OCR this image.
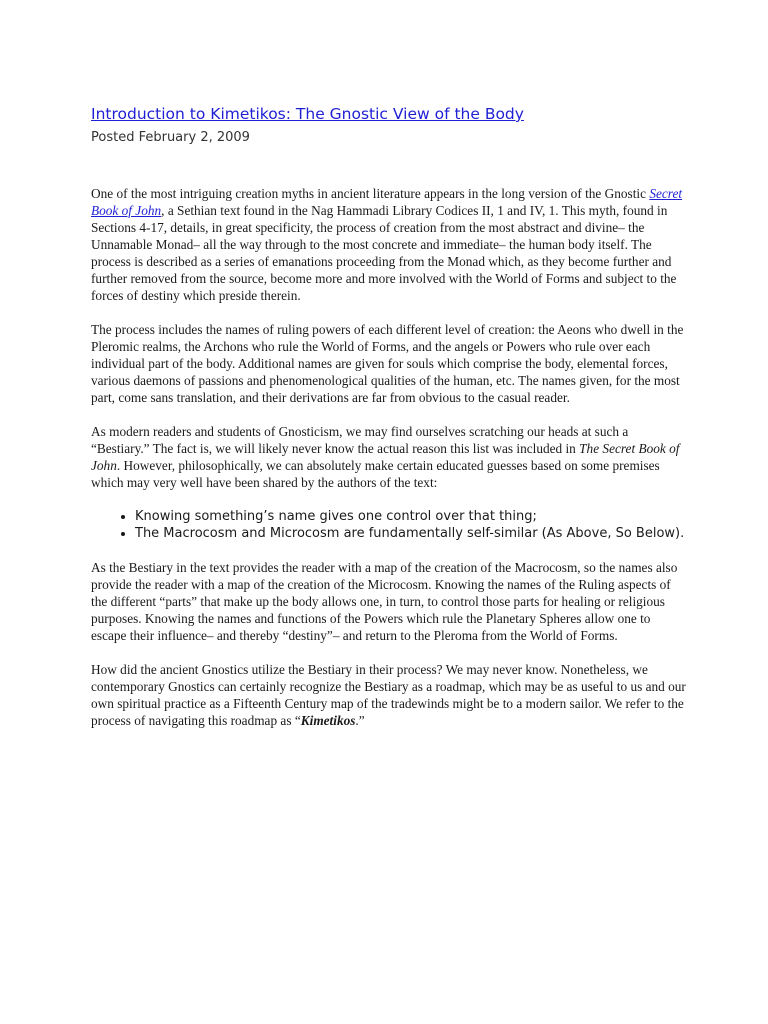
Introduction to Kimetikos: The Gnostic View of the Body
Posted February 2, 2009

One of the most intriguing creation myths in ancient literature appears in the long version of the Gnostic Secret Book of John, a Sethian text found in the Nag Hammadi Library Codices II, 1 and IV, 1. This myth, found in Sections 4-17, details, in great specificity, the process of creation from the most abstract and divine– the Unnamable Monad– all the way through to the most concrete and immediate– the human body itself. The process is described as a series of emanations proceeding from the Monad which, as they become further and further removed from the source, become more and more involved with the World of Forms and subject to the forces of destiny which preside therein.

The process includes the names of ruling powers of each different level of creation: the Aeons who dwell in the Pleromic realms, the Archons who rule the World of Forms, and the angels or Powers who rule over each individual part of the body. Additional names are given for souls which comprise the body, elemental forces, various daemons of passions and phenomenological qualities of the human, etc. The names given, for the most part, come sans translation, and their derivations are far from obvious to the casual reader.

As modern readers and students of Gnosticism, we may find ourselves scratching our heads at such a “Bestiary.” The fact is, we will likely never know the actual reason this list was included in The Secret Book of John. However, philosophically, we can absolutely make certain educated guesses based on some premises which may very well have been shared by the authors of the text:

• Knowing something’s name gives one control over that thing;
• The Macrocosm and Microcosm are fundamentally self-similar (As Above, So Below).

As the Bestiary in the text provides the reader with a map of the creation of the Macrocosm, so the names also provide the reader with a map of the creation of the Microcosm. Knowing the names of the Ruling aspects of the different “parts” that make up the body allows one, in turn, to control those parts for healing or religious purposes. Knowing the names and functions of the Powers which rule the Planetary Spheres allow one to escape their influence– and thereby “destiny”– and return to the Pleroma from the World of Forms.

How did the ancient Gnostics utilize the Bestiary in their process? We may never know. Nonetheless, we contemporary Gnostics can certainly recognize the Bestiary as a roadmap, which may be as useful to us and our own spiritual practice as a Fifteenth Century map of the tradewinds might be to a modern sailor. We refer to the process of navigating this roadmap as “Kimetikos.”
